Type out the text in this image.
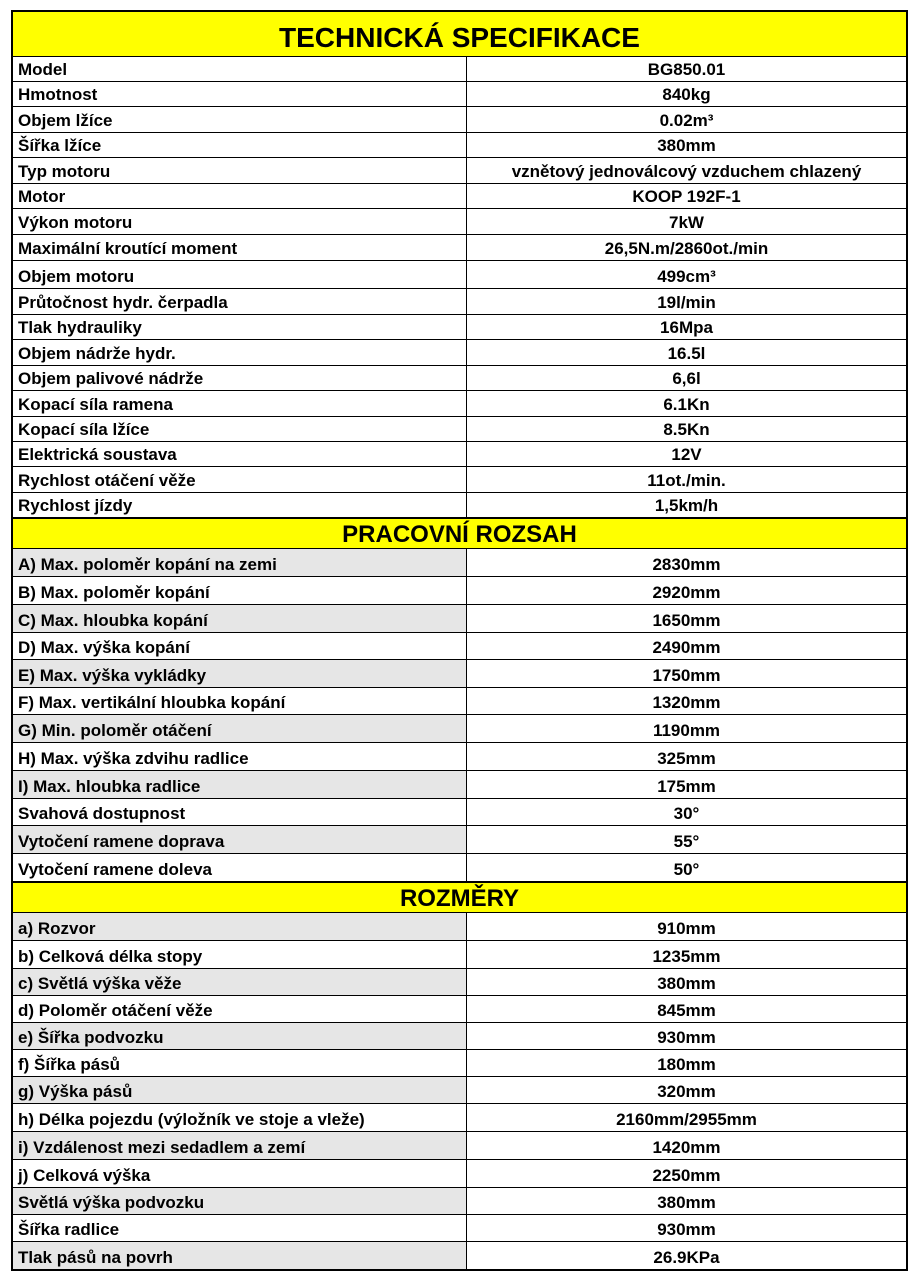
TECHNICKÁ SPECIFIKACE
Model	BG850.01
Hmotnost	840kg
Objem lžíce	0.02m³
Šířka lžíce	380mm
Typ motoru	vznětový jednoválcový vzduchem chlazený
Motor	KOOP 192F-1
Výkon motoru	7kW
Maximální kroutící moment	26,5N.m/2860ot./min
Objem motoru	499cm³
Průtočnost hydr. čerpadla	19l/min
Tlak hydrauliky	16Mpa
Objem nádrže hydr.	16.5l
Objem palivové nádrže	6,6l
Kopací síla ramena	6.1Kn
Kopací síla lžíce	8.5Kn
Elektrická soustava	12V
Rychlost otáčení věže	11ot./min.
Rychlost jízdy	1,5km/h
PRACOVNÍ ROZSAH
A) Max. poloměr kopání na zemi	2830mm
B) Max. poloměr kopání	2920mm
C) Max. hloubka kopání	1650mm
D) Max. výška kopání	2490mm
E) Max. výška vykládky	1750mm
F) Max. vertikální hloubka kopání	1320mm
G) Min. poloměr otáčení	1190mm
H) Max. výška zdvihu radlice	325mm
I) Max. hloubka radlice	175mm
Svahová dostupnost	30°
Vytočení ramene doprava	55°
Vytočení ramene doleva	50°
ROZMĚRY
a) Rozvor	910mm
b) Celková délka stopy	1235mm
c) Světlá výška věže	380mm
d) Poloměr otáčení věže	845mm
e) Šířka podvozku	930mm
f) Šířka pásů	180mm
g) Výška pásů	320mm
h) Délka pojezdu (výložník ve stoje a vleže)	2160mm/2955mm
i) Vzdálenost mezi sedadlem a zemí	1420mm
j) Celková výška	2250mm
Světlá výška podvozku	380mm
Šířka radlice	930mm
Tlak pásů na povrh	26.9KPa
